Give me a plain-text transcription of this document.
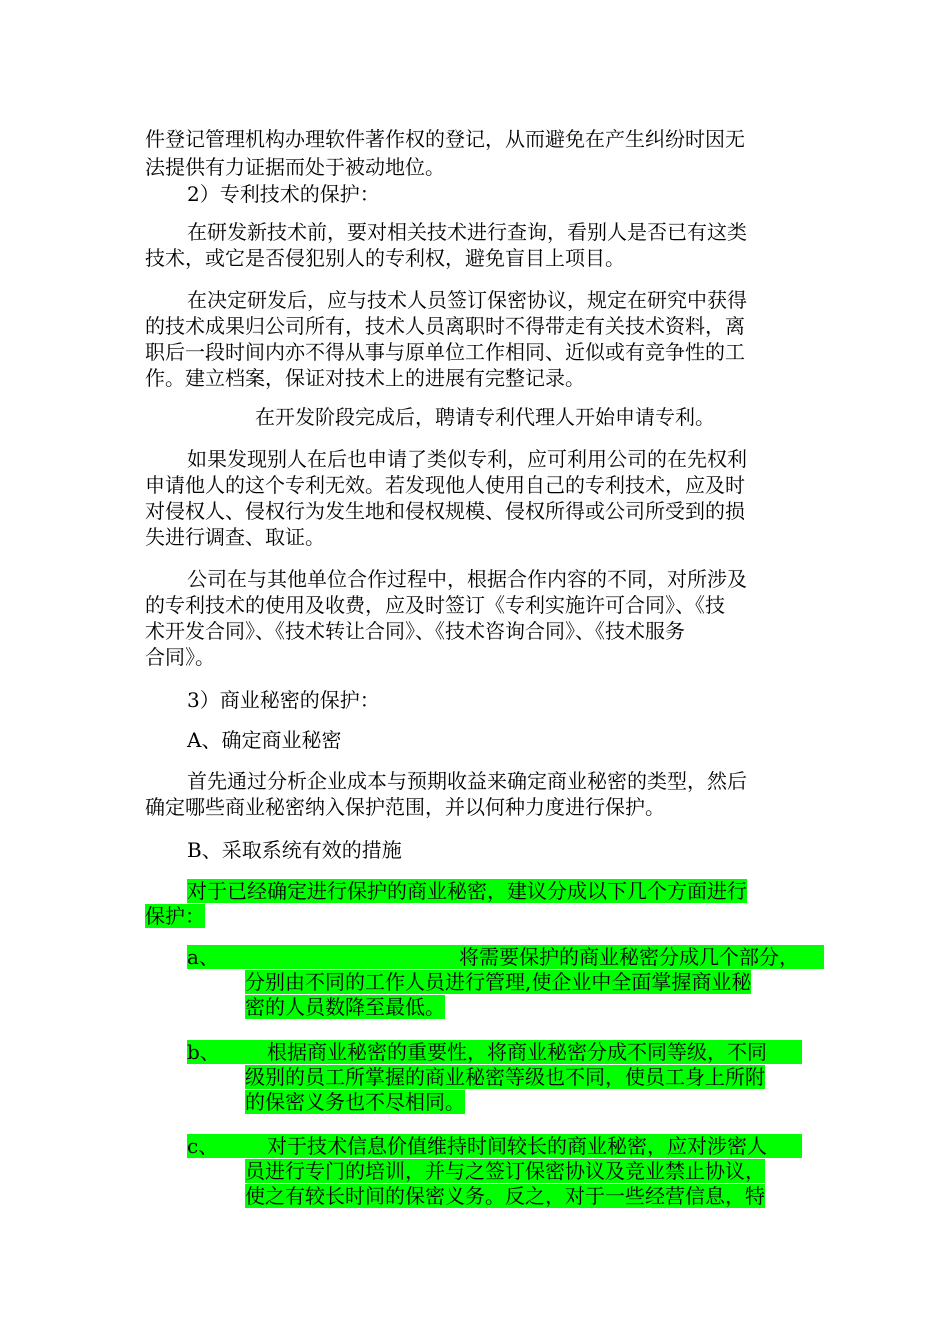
件登记管理机构办理软件著作权的登记，从而避免在产生纠纷时因无
法提供有力证据而处于被动地位。
2）专利技术的保护：
在研发新技术前，要对相关技术进行查询，看别人是否已有这类
技术，或它是否侵犯别人的专利权，避免盲目上项目。
在决定研发后，应与技术人员签订保密协议，规定在研究中获得
的技术成果归公司所有，技术人员离职时不得带走有关技术资料，离
职后一段时间内亦不得从事与原单位工作相同、近似或有竞争性的工
作。建立档案，保证对技术上的进展有完整记录。
在开发阶段完成后，聘请专利代理人开始申请专利。
如果发现别人在后也申请了类似专利，应可利用公司的在先权利
申请他人的这个专利无效。若发现他人使用自己的专利技术，应及时
对侵权人、侵权行为发生地和侵权规模、侵权所得或公司所受到的损
失进行调查、取证。
公司在与其他单位合作过程中，根据合作内容的不同，对所涉及
的专利技术的使用及收费，应及时签订《专利实施许可合同》、《技
术开发合同》、《技术转让合同》、《技术咨询合同》、《技术服务
合同》。
3）商业秘密的保护：
A、确定商业秘密
首先通过分析企业成本与预期收益来确定商业秘密的类型，然后
确定哪些商业秘密纳入保护范围，并以何种力度进行保护。
B、采取系统有效的措施
对于已经确定进行保护的商业秘密，建议分成以下几个方面进行
保护：
a、	将需要保护的商业秘密分成几个部分，
分别由不同的工作人员进行管理,使企业中全面掌握商业秘
密的人员数降至最低。
b、 根据商业秘密的重要性，将商业秘密分成不同等级，不同
级别的员工所掌握的商业秘密等级也不同，使员工身上所附
的保密义务也不尽相同。
c、 对于技术信息价值维持时间较长的商业秘密，应对涉密人
员进行专门的培训，并与之签订保密协议及竞业禁止协议，
使之有较长时间的保密义务。反之，对于一些经营信息，特
